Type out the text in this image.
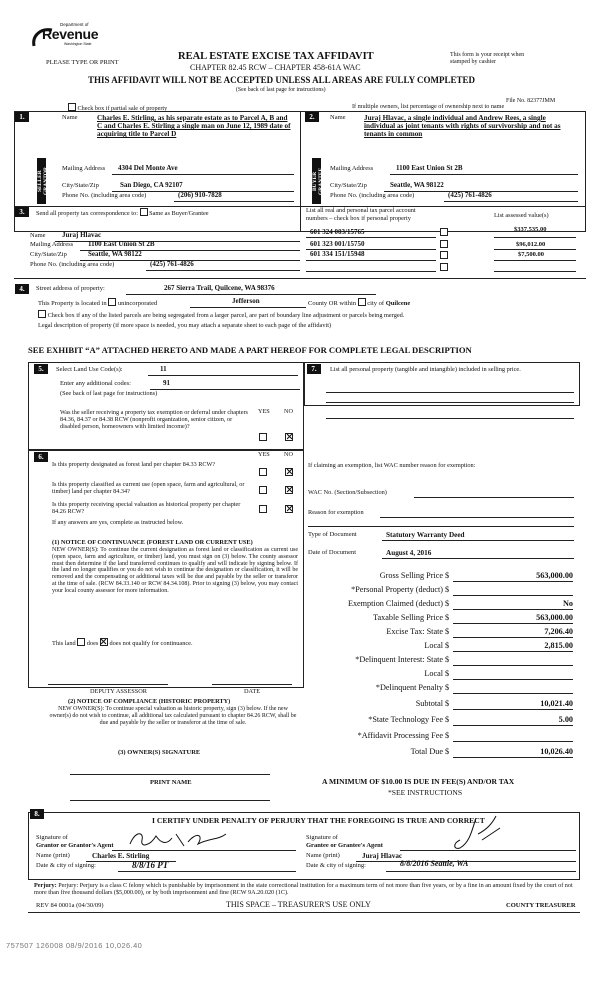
Department of
Revenue
Washington State
PLEASE TYPE OR PRINT
REAL ESTATE EXCISE TAX AFFIDAVIT
CHAPTER 82.45 RCW – CHAPTER 458-61A WAC
This form is your receipt when stamped by cashier
THIS AFFIDAVIT WILL NOT BE ACCEPTED UNLESS ALL AREAS ARE FULLY COMPLETED
(See back of last page for instructions)
File No. 82377JMM
Check box if partial sale of property	If multiple owners, list percentage of ownership next to name
1.	Name	Charles E. Stirling, as his separate estate as to Parcel A, B and C and Charles E. Stirling a single man on June 12, 1989 date of acquiring title to Parcel D
SELLER GRANTOR Mailing Address 4304 Del Monte Ave
City/State/Zip	San Diego, CA 92107
Phone No. (including area code)	(206) 910-7828
2.	Name	Juraj Hlavac, a single individual and Andrew Rees, a single individual as joint tenants with rights of survivorship and not as tenants in common
BUYER GRANTEE Mailing Address	1100 East Union St 2B
City/State/Zip	Seattle, WA 98122
Phone No. (including area code)	(425) 761-4826
3.	Send all property tax correspondence to: Same as Buyer/Grantee
Name Juraj Hlavac
Mailing Address 1100 East Union St 2B
City/State/Zip	Seattle, WA 98122
Phone No. (including area code)	(425) 761-4826
List all real and personal tax parcel account
numbers – check box if personal property	List assessed value(s)
601 324 003/15765	$337,535.00
601 323 001/15750	$96,012.00
601 334 151/15948	$7,500.00
4.	Street address of property:	267 Sierra Trail, Quilcene, WA 98376
This Property is located in unincorporated	Jefferson	County OR within city of Quilcene
Check box if any of the listed parcels are being segregated from a larger parcel, are part of boundary line adjustment or parcels being merged.
Legal description of property (if more space is needed, you may attach a separate sheet to each page of the affidavit)
SEE EXHIBIT “A” ATTACHED HERETO AND MADE A PART HEREOF FOR COMPLETE LEGAL DESCRIPTION
5.	Select Land Use Code(s):	11
Enter any additional codes:	91
(See back of last page for instructions)
YES NO
Was the seller receiving a property tax exemption or deferral under chapters 84.36, 84.37 or 84.38 RCW (nonprofit organization, senior citizen, or disabled person, homeowners with limited income)?
6.	YES NO
Is this property designated as forest land per chapter 84.33 RCW?
Is this property classified as current use (open space, farm and agricultural, or timber) land per chapter 84.34?
Is this property receiving special valuation as historical property per chapter 84.26 RCW?
If any answers are yes, complete as instructed below.
(1) NOTICE OF CONTINUANCE (FOREST LAND OR CURRENT USE)
NEW OWNER(S): To continue the current designation as forest land or classification as current use (open space, farm and agriculture, or timber) land, you must sign on (3) below. The county assessor must then determine if the land transferred continues to qualify and will indicate by signing below. If the land no longer qualifies or you do not wish to continue the designation or classification, it will be removed and the compensating or additional taxes will be due and payable by the seller or transferor at the time of sale. (RCW 84.33.140 or RCW 84.34.108). Prior to signing (3) below, you may contact your local county assessor for more information.
This land does does not qualify for continuance.
DEPUTY ASSESSOR	DATE
(2) NOTICE OF COMPLIANCE (HISTORIC PROPERTY)
NEW OWNER(S): To continue special valuation as historic property, sign (3) below. If the new owner(s) do not wish to continue, all additional tax calculated pursuant to chapter 84.26 RCW, shall be due and payable by the seller or transferor at the time of sale.
(3) OWNER(S) SIGNATURE
PRINT NAME
7.	List all personal property (tangible and intangible) included in selling price.
If claiming an exemption, list WAC number reason for exemption:
WAC No. (Section/Subsection)
Reason for exemption
Type of Document	Statutory Warranty Deed
Date of Document	August 4, 2016
Gross Selling Price $	563,000.00
*Personal Property (deduct) $
Exemption Claimed (deduct) $	No
Taxable Selling Price $	563,000.00
Excise Tax: State $	7,206.40
Local $	2,815.00
*Delinquent Interest: State $
Local $
*Delinquent Penalty $
Subtotal $	10,021.40
*State Technology Fee $	5.00
*Affidavit Processing Fee $
Total Due $	10,026.40
A MINIMUM OF $10.00 IS DUE IN FEE(S) AND/OR TAX
*SEE INSTRUCTIONS
8.
I CERTIFY UNDER PENALTY OF PERJURY THAT THE FOREGOING IS TRUE AND CORRECT
Signature of
Grantor or Grantor's Agent
Name (print)	Charles E. Stirling
Date & city of signing:	8/8/16 PT
Signature of
Grantee or Grantee's Agent
Name (print)	Juraj Hlavac
Date & city of signing:	8/8/2016 Seattle, WA
Perjury: Perjury: Perjury is a class C felony which is punishable by imprisonment in the state correctional institution for a maximum term of not more than five years, or by a fine in an amount fixed by the court of not more than five thousand dollars ($5,000.00), or by both imprisonment and fine (RCW 9A.20.020 (1C).
REV 84 0001a (04/30/09)	THIS SPACE – TREASURER'S USE ONLY	COUNTY TREASURER
757507 126008 08/9/2016 10,026.40
